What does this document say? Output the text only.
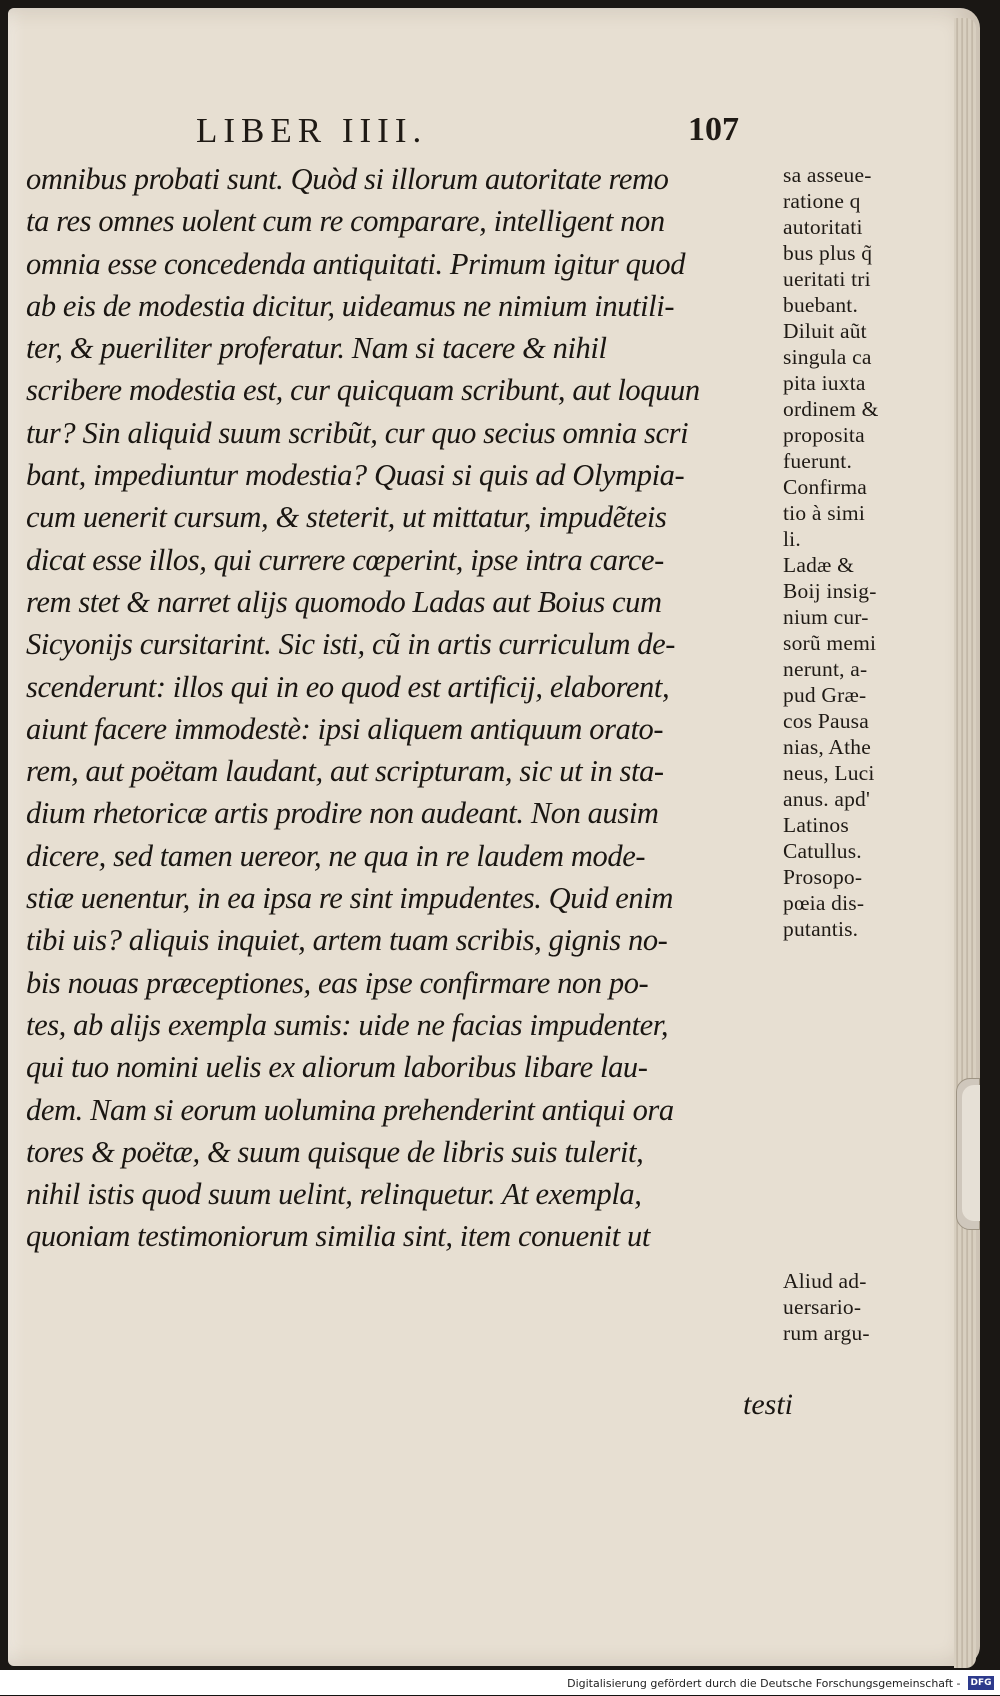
LIBER IIII.	107
omnibus probati sunt. Quòd si illorum autoritate remo
ta res omnes uolent cum re comparare, intelligent non
omnia esse concedenda antiquitati. Primum igitur quod
ab eis de modestia dicitur, uideamus ne nimium inutili-
ter, & pueriliter proferatur. Nam si tacere & nihil
scribere modestia est, cur quicquam scribunt, aut loquun
tur? Sin aliquid suum scribũt, cur quo secius omnia scri
bant, impediuntur modestia? Quasi si quis ad Olympia-
cum uenerit cursum, & steterit, ut mittatur, impudẽteis
dicat esse illos, qui currere cœperint, ipse intra carce-
rem stet & narret alijs quomodo Ladas aut Boius cum
Sicyonijs cursitarint. Sic isti, cũ in artis curriculum de-
scenderunt: illos qui in eo quod est artificij, elaborent,
aiunt facere immodestè: ipsi aliquem antiquum orato-
rem, aut poëtam laudant, aut scripturam, sic ut in sta-
dium rhetoricæ artis prodire non audeant. Non ausim
dicere, sed tamen uereor, ne qua in re laudem mode-
stiæ uenentur, in ea ipsa re sint impudentes. Quid enim
tibi uis? aliquis inquiet, artem tuam scribis, gignis no-
bis nouas præceptiones, eas ipse confirmare non po-
tes, ab alijs exempla sumis: uide ne facias impudenter,
qui tuo nomini uelis ex aliorum laboribus libare lau-
dem. Nam si eorum uolumina prehenderint antiqui ora
tores & poëtæ, & suum quisque de libris suis tulerit,
nihil istis quod suum uelint, relinquetur. At exempla,
quoniam testimoniorum similia sint, item conuenit ut
testi
sa asseue-
ratione q
autoritati
bus plus q̃
ueritati tri
buebant.
Diluit aũt
singula ca
pita iuxta
ordinem &
proposita
fuerunt.
Confirma
tio à simi
li.
Ladæ &
Boij insig-
nium cur-
sorũ memi
nerunt, a-
pud Græ-
cos Pausa
nias, Athe
neus, Luci
anus. apd'
Latinos
Catullus.
Prosopo-
pœia dis-
putantis.
Aliud ad-
uersario-
rum argu-
Digitalisierung gefördert durch die Deutsche Forschungsgemeinschaft - DFG
